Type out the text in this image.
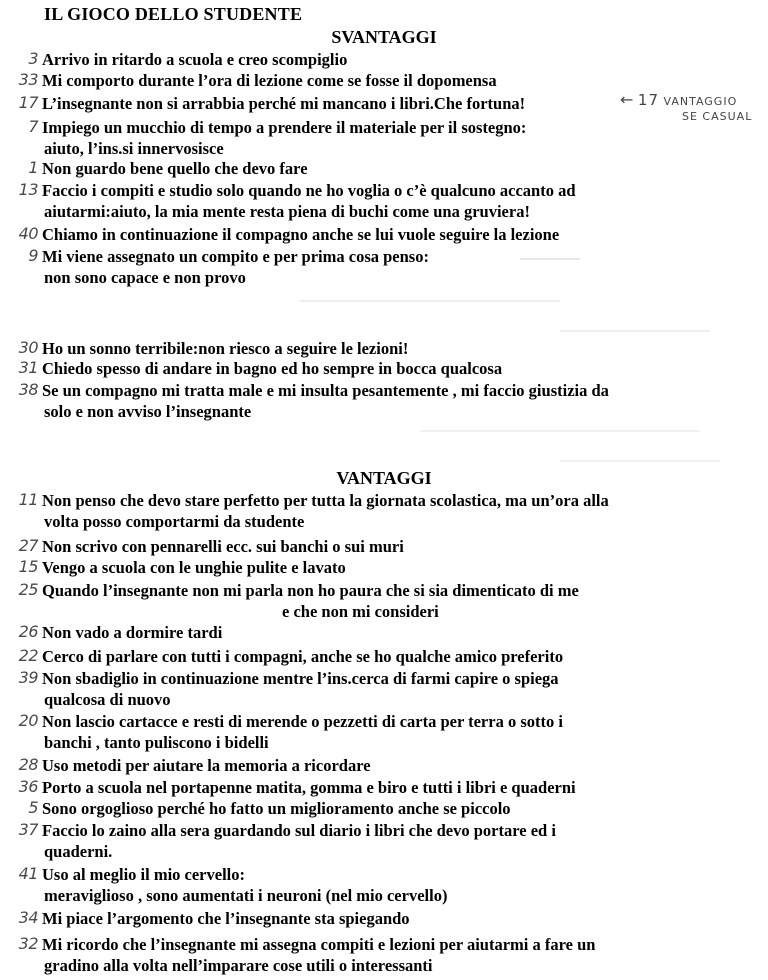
IL GIOCO DELLO STUDENTE
SVANTAGGI
3 Arrivo in ritardo a scuola e creo scompiglio
33 Mi comporto durante l’ora di lezione come se fosse il dopomensa
17 L’insegnante non si arrabbia perché mi mancano i libri.Che fortuna!
7 Impiego un mucchio di tempo a prendere il materiale per il sostegno:
aiuto, l’ins.si innervosisce
1 Non guardo bene quello che devo fare
13 Faccio i compiti e studio solo quando ne ho voglia o c’è qualcuno accanto ad
aiutarmi:aiuto, la mia mente resta piena di buchi come una gruviera!
40 Chiamo in continuazione il compagno anche se lui vuole seguire la lezione
9 Mi viene assegnato un compito e per prima cosa penso:
non sono capace e non provo
30 Ho un sonno terribile:non riesco a seguire le lezioni!
31 Chiedo spesso di andare in bagno ed ho sempre in bocca qualcosa
38 Se un compagno mi tratta male e mi insulta pesantemente , mi faccio giustizia da
solo e non avviso l’insegnante
← 17 VANTAGGIO
SE CASUAL
VANTAGGI
11 Non penso che devo stare perfetto per tutta la giornata scolastica, ma un’ora alla
volta posso comportarmi da studente
27 Non scrivo con pennarelli ecc. sui banchi o sui muri
15 Vengo a scuola con le unghie pulite e lavato
25 Quando l’insegnante non mi parla non ho paura che si sia dimenticato di me
e che non mi consideri
26 Non vado a dormire tardi
22 Cerco di parlare con tutti i compagni, anche se ho qualche amico preferito
39 Non sbadiglio in continuazione mentre l’ins.cerca di farmi capire o spiega
qualcosa di nuovo
20 Non lascio cartacce e resti di merende o pezzetti di carta per terra o sotto i
banchi , tanto puliscono i bidelli
28 Uso metodi per aiutare la memoria a ricordare
36 Porto a scuola nel portapenne matita, gomma e biro e tutti i libri e quaderni
5 Sono orgoglioso perché ho fatto un miglioramento anche se piccolo
37 Faccio lo zaino alla sera guardando sul diario i libri che devo portare ed i
quaderni.
41 Uso al meglio il mio cervello:
meraviglioso , sono aumentati i neuroni (nel mio cervello)
34 Mi piace l’argomento che l’insegnante sta spiegando
32 Mi ricordo che l’insegnante mi assegna compiti e lezioni per aiutarmi a fare un
gradino alla volta nell’imparare cose utili o interessanti
